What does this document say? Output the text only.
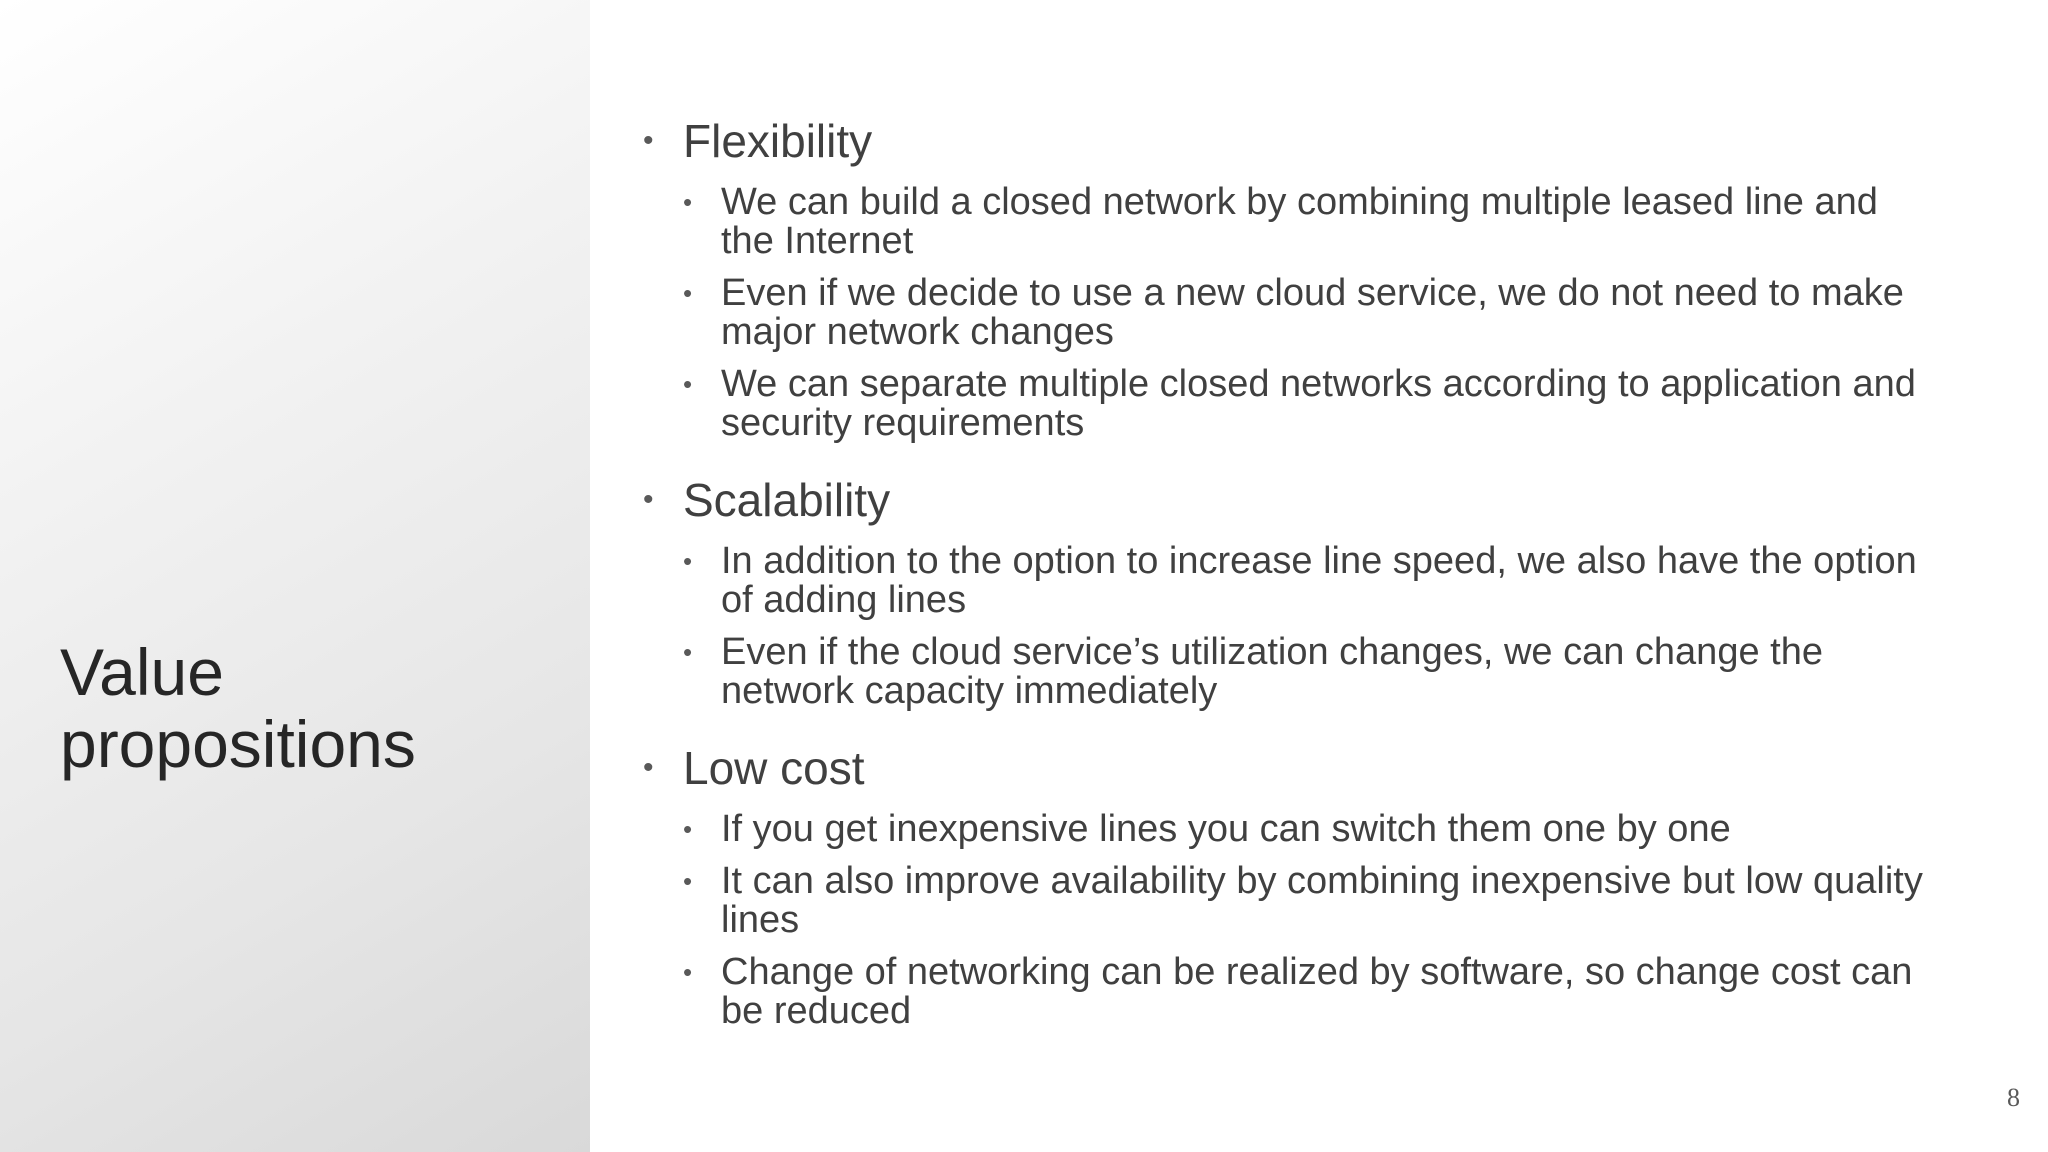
Value propositions
• Flexibility
• We can build a closed network by combining multiple leased line and the Internet
• Even if we decide to use a new cloud service, we do not need to make major network changes
• We can separate multiple closed networks according to application and security requirements
• Scalability
• In addition to the option to increase line speed, we also have the option of adding lines
• Even if the cloud service’s utilization changes, we can change the network capacity immediately
• Low cost
• If you get inexpensive lines you can switch them one by one
• It can also improve availability by combining inexpensive but low quality lines
• Change of networking can be realized by software, so change cost can be reduced
8
